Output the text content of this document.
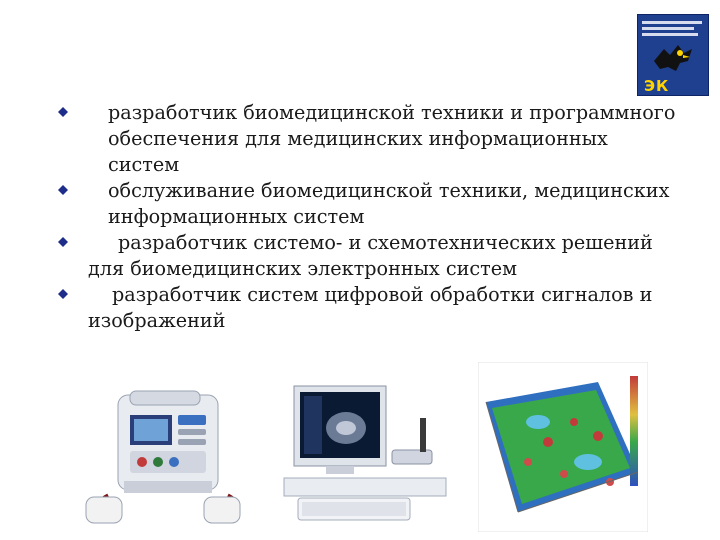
ЭК
разработчик биомедицинской техники и программного
обеспечения для медицинских информационных
систем
обслуживание биомедицинской техники, медицинских
информационных систем
разработчик системо- и схемотехнических решений
для биомедицинских электронных систем
разработчик систем цифровой обработки сигналов и
изображений
